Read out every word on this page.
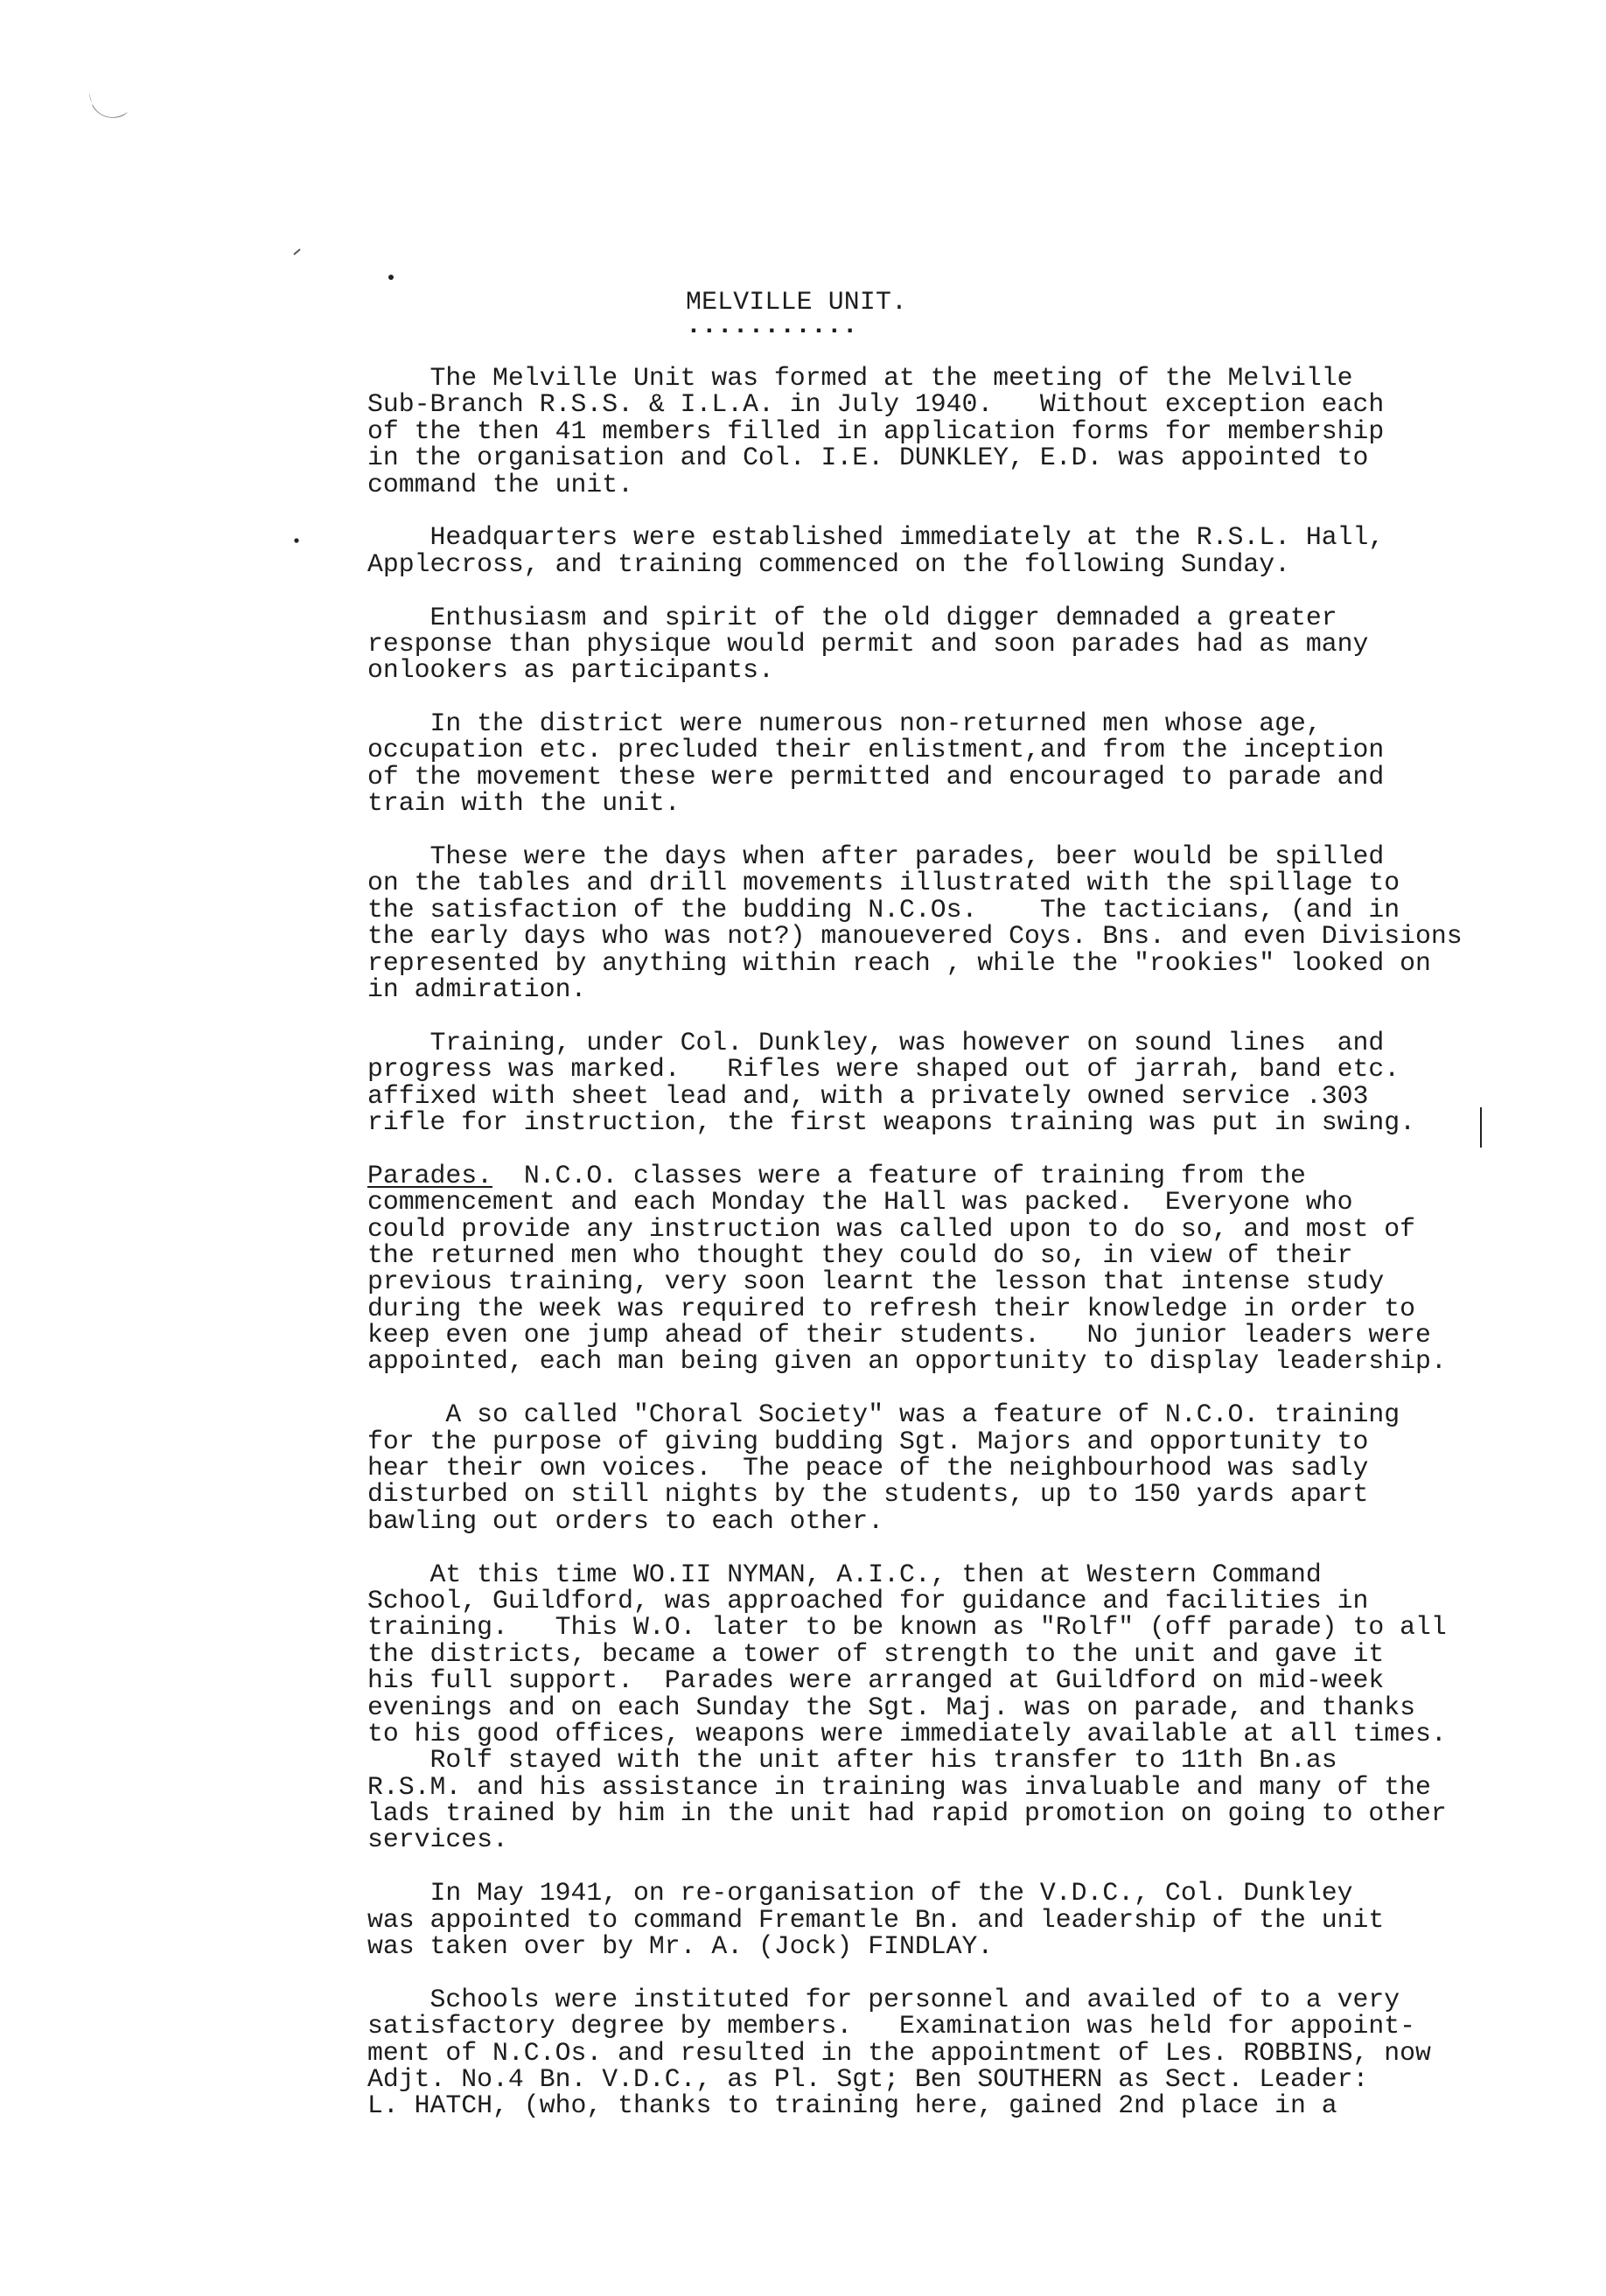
MELVILLE UNIT.
...........
The Melville Unit was formed at the meeting of the Melville
Sub-Branch R.S.S. & I.L.A. in July 1940.   Without exception each
of the then 41 members filled in application forms for membership
in the organisation and Col. I.E. DUNKLEY, E.D. was appointed to
command the unit.
Headquarters were established immediately at the R.S.L. Hall,
Applecross, and training commenced on the following Sunday.
Enthusiasm and spirit of the old digger demnaded a greater
response than physique would permit and soon parades had as many
onlookers as participants.
In the district were numerous non-returned men whose age,
occupation etc. precluded their enlistment,and from the inception
of the movement these were permitted and encouraged to parade and
train with the unit.
These were the days when after parades, beer would be spilled
on the tables and drill movements illustrated with the spillage to
the satisfaction of the budding N.C.Os.    The tacticians, (and in
the early days who was not?) manouevered Coys. Bns. and even Divisions
represented by anything within reach , while the "rookies" looked on
in admiration.
Training, under Col. Dunkley, was however on sound lines  and
progress was marked.   Rifles were shaped out of jarrah, band etc.
affixed with sheet lead and, with a privately owned service .303
rifle for instruction, the first weapons training was put in swing.
Parades.  N.C.O. classes were a feature of training from the
commencement and each Monday the Hall was packed.  Everyone who
could provide any instruction was called upon to do so, and most of
the returned men who thought they could do so, in view of their
previous training, very soon learnt the lesson that intense study
during the week was required to refresh their knowledge in order to
keep even one jump ahead of their students.   No junior leaders were
appointed, each man being given an opportunity to display leadership.
A so called "Choral Society" was a feature of N.C.O. training
for the purpose of giving budding Sgt. Majors and opportunity to
hear their own voices.  The peace of the neighbourhood was sadly
disturbed on still nights by the students, up to 150 yards apart
bawling out orders to each other.
At this time WO.II NYMAN, A.I.C., then at Western Command
School, Guildford, was approached for guidance and facilities in
training.   This W.O. later to be known as "Rolf" (off parade) to all
the districts, became a tower of strength to the unit and gave it
his full support.  Parades were arranged at Guildford on mid-week
evenings and on each Sunday the Sgt. Maj. was on parade, and thanks
to his good offices, weapons were immediately available at all times.
Rolf stayed with the unit after his transfer to 11th Bn.as
R.S.M. and his assistance in training was invaluable and many of the
lads trained by him in the unit had rapid promotion on going to other
services.
In May 1941, on re-organisation of the V.D.C., Col. Dunkley
was appointed to command Fremantle Bn. and leadership of the unit
was taken over by Mr. A. (Jock) FINDLAY.
Schools were instituted for personnel and availed of to a very
satisfactory degree by members.   Examination was held for appoint-
ment of N.C.Os. and resulted in the appointment of Les. ROBBINS, now
Adjt. No.4 Bn. V.D.C., as Pl. Sgt; Ben SOUTHERN as Sect. Leader:
L. HATCH, (who, thanks to training here, gained 2nd place in a
